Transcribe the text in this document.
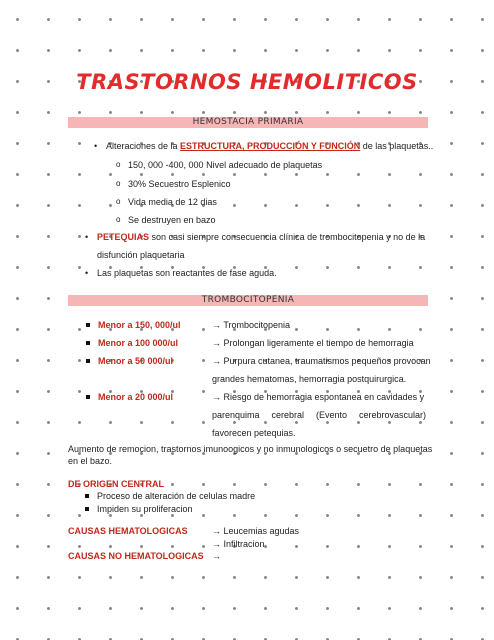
TRASTORNOS HEMOLITICOS
HEMOSTACIA PRIMARIA
• Alteraciones de la ESTRUCTURA, PRODUCCIÓN Y FUNCIÓN de las plaquetas..
o 150, 000 -400, 000 Nivel adecuado de plaquetas
o 30% Secuestro Esplenico
o Vida media de 12 dias
o Se destruyen en bazo
• PETEQUIAS son casi siempre consecuencia clínica de trombocitopenia y no de la
disfunción plaquetaria
• Las plaquetas son reactantes de fase aguda.
TROMBOCITOPENIA
Menor a 150, 000/ul	→ Trombocitopenia
Menor a 100 000/ul	→ Prolongan ligeramente el tiempo de hemorragia
Menor a 50 000/ul	→ Purpura cutanea, traumatismos pequeños provocan
grandes hematomas, hemorragia postquirurgica.
Menor a 20 000/ul	→ Riesgo de hemorragia espontanea en cavidades y
parenquima cerebral (Evento cerebrovascular)
favorecen petequias.
Aumento de remocion, trastornos imunoogicos y no inmunologicos o secuetro de plaquetas
en el bazo.
DE ORIGEN CENTRAL
Proceso de alteración de celulas madre
Impiden su proliferacion
CAUSAS HEMATOLOGICAS	→ Leucemias agudas
→ Infiltracion
CAUSAS NO HEMATOLOGICAS →
